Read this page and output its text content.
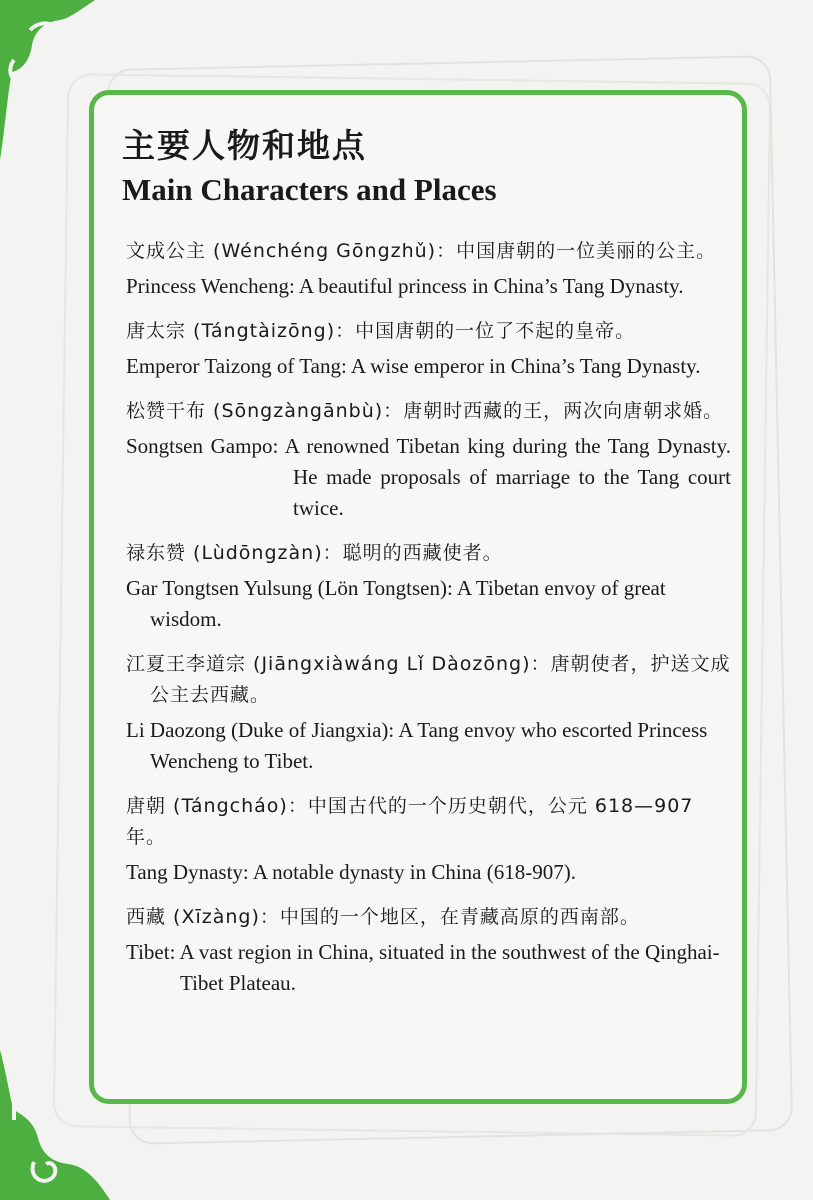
主要人物和地点
Main Characters and Places
文成公主 (Wénchéng Gōngzhǔ)：中国唐朝的一位美丽的公主。
Princess Wencheng: A beautiful princess in China’s Tang Dynasty.
唐太宗 (Tángtàizōng)：中国唐朝的一位了不起的皇帝。
Emperor Taizong of Tang: A wise emperor in China’s Tang Dynasty.
松赞干布 (Sōngzàngānbù)：唐朝时西藏的王，两次向唐朝求婚。
Songtsen Gampo: A renowned Tibetan king during the Tang Dynasty. He made proposals of marriage to the Tang court twice.
禄东赞 (Lùdōngzàn)：聪明的西藏使者。
Gar Tongtsen Yulsung (Lön Tongtsen): A Tibetan envoy of great wisdom.
江夏王李道宗 (Jiāngxiàwáng Lǐ Dàozōng)：唐朝使者，护送文成公主去西藏。
Li Daozong (Duke of Jiangxia): A Tang envoy who escorted Princess Wencheng to Tibet.
唐朝 (Tángcháo)：中国古代的一个历史朝代，公元 618—907 年。
Tang Dynasty: A notable dynasty in China (618-907).
西藏 (Xīzàng)：中国的一个地区，在青藏高原的西南部。
Tibet: A vast region in China, situated in the southwest of the Qinghai-Tibet Plateau.
